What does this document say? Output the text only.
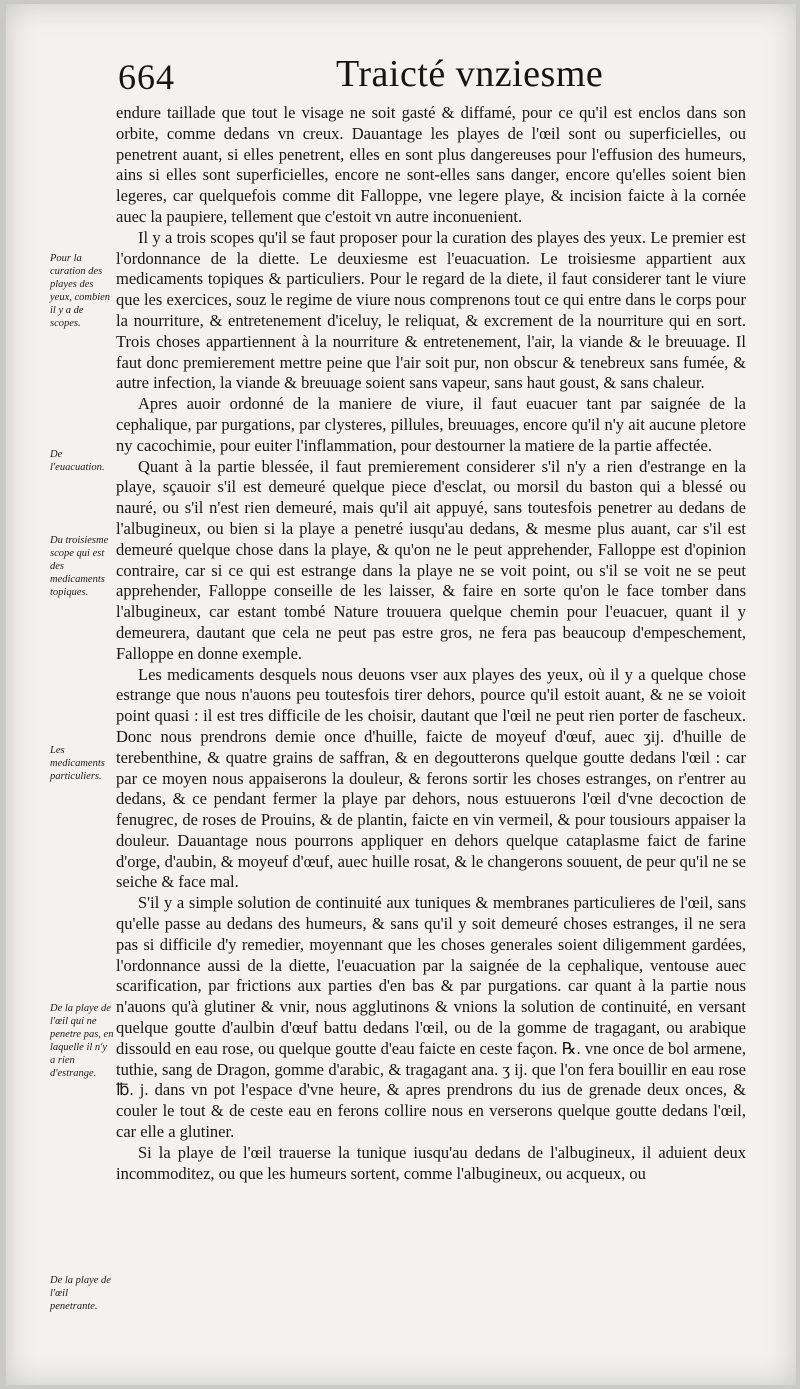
664	Traicté vnziesme
Pour la curation des playes des yeux, combien il y a de scopes.
De l'euacuation.
Du troisiesme scope qui est des medicaments topiques.
Les medicaments particuliers.
De la playe de l'œil qui ne penetre pas, en laquelle il n'y a rien d'estrange.
De la playe de l'œil penetrante.

endure taillade que tout le visage ne soit gasté & diffamé, pour ce qu'il est enclos dans son orbite, comme dedans vn creux. Dauantage les playes de l'œil sont ou superficielles, ou penetrent auant, si elles penetrent, elles en sont plus dangereuses pour l'effusion des humeurs, ains si elles sont superficielles, encore ne sont-elles sans danger, encore qu'elles soient bien legeres, car quelquefois comme dit Falloppe, vne legere playe, & incision faicte à la cornée auec la paupiere, tellement que c'estoit vn autre inconuenient.

Il y a trois scopes qu'il se faut proposer pour la curation des playes des yeux. Le premier est l'ordonnance de la diette. Le deuxiesme est l'euacuation. Le troisiesme appartient aux medicaments topiques & particuliers. Pour le regard de la diete, il faut considerer tant le viure que les exercices, souz le regime de viure nous comprenons tout ce qui entre dans le corps pour la nourriture, & entretenement d'iceluy, le reliquat, & excrement de la nourriture qui en sort. Trois choses appartiennent à la nourriture & entretenement, l'air, la viande & le breuuage. Il faut donc premierement mettre peine que l'air soit pur, non obscur & tenebreux sans fumée, & autre infection, la viande & breuuage soient sans vapeur, sans haut goust, & sans chaleur.

Apres auoir ordonné de la maniere de viure, il faut euacuer tant par saignée de la cephalique, par purgations, par clysteres, pillules, breuuages, encore qu'il n'y ait aucune pletore ny cacochimie, pour euiter l'inflammation, pour destourner la matiere de la partie affectée.

Quant à la partie blessée, il faut premierement considerer s'il n'y a rien d'estrange en la playe, sçauoir s'il est demeuré quelque piece d'esclat, ou morsil du baston qui a blessé ou nauré, ou s'il n'est rien demeuré, mais qu'il ait appuyé, sans toutesfois penetrer au dedans de l'albugineux, ou bien si la playe a penetré iusqu'au dedans, & mesme plus auant, car s'il est demeuré quelque chose dans la playe, & qu'on ne le peut apprehender, Falloppe est d'opinion contraire, car si ce qui est estrange dans la playe ne se voit point, ou s'il se voit ne se peut apprehender, Falloppe conseille de les laisser, & faire en sorte qu'on le face tomber dans l'albugineux, car estant tombé Nature trouuera quelque chemin pour l'euacuer, quant il y demeurera, dautant que cela ne peut pas estre gros, ne fera pas beaucoup d'empeschement, Falloppe en donne exemple.

Les medicaments desquels nous deuons vser aux playes des yeux, où il y a quelque chose estrange que nous n'auons peu toutesfois tirer dehors, pource qu'il estoit auant, & ne se voioit point quasi : il est tres difficile de les choisir, dautant que l'œil ne peut rien porter de fascheux. Donc nous prendrons demie once d'huille, faicte de moyeuf d'œuf, auec ʒij. d'huille de terebenthine, & quatre grains de saffran, & en degoutterons quelque goutte dedans l'œil : car par ce moyen nous appaiserons la douleur, & ferons sortir les choses estranges, on r'entrer au dedans, & ce pendant fermer la playe par dehors, nous estuuerons l'œil d'vne decoction de fenugrec, de roses de Prouins, & de plantin, faicte en vin vermeil, & pour tousiours appaiser la douleur. Dauantage nous pourrons appliquer en dehors quelque cataplasme faict de farine d'orge, d'aubin, & moyeuf d'œuf, auec huille rosat, & le changerons souuent, de peur qu'il ne se seiche & face mal.

S'il y a simple solution de continuité aux tuniques & membranes particulieres de l'œil, sans qu'elle passe au dedans des humeurs, & sans qu'il y soit demeuré choses estranges, il ne sera pas si difficile d'y remedier, moyennant que les choses generales soient diligemment gardées, l'ordonnance aussi de la diette, l'euacuation par la saignée de la cephalique, ventouse auec scarification, par frictions aux parties d'en bas & par purgations. car quant à la partie nous n'auons qu'à glutiner & vnir, nous agglutinons & vnions la solution de continuité, en versant quelque goutte d'aulbin d'œuf battu dedans l'œil, ou de la gomme de tragagant, ou arabique dissould en eau rose, ou quelque goutte d'eau faicte en ceste façon. ℞. vne once de bol armene, tuthie, sang de Dragon, gomme d'arabic, & tragagant ana. ʒ ij. que l'on fera bouillir en eau rose ℔. j. dans vn pot l'espace d'vne heure, & apres prendrons du ius de grenade deux onces, & couler le tout & de ceste eau en ferons collire nous en verserons quelque goutte dedans l'œil, car elle a glutiner.

Si la playe de l'œil trauerse la tunique iusqu'au dedans de l'albugineux, il aduient deux incommoditez, ou que les humeurs sortent, comme l'albugineux, ou acqueux, ou
